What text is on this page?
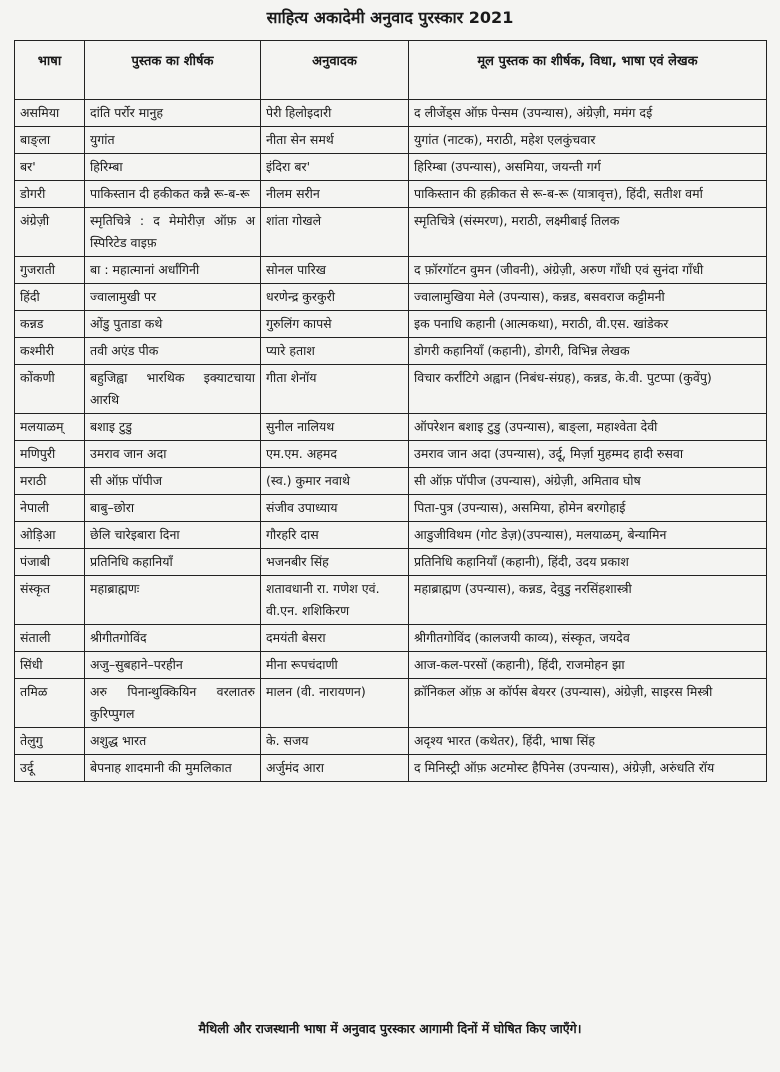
साहित्य अकादेमी अनुवाद पुरस्कार 2021
भाषा	पुस्तक का शीर्षक	अनुवादक	मूल पुस्तक का शीर्षक, विधा, भाषा एवं लेखक
असमिया	दांति पर्रोर मानुह	पेरी हिलोइदारी	द लीजेंड्स ऑफ़ पेन्सम (उपन्यास), अंग्रेज़ी, ममंग दई
बाङ्ला	युगांत	नीता सेन समर्थ	युगांत (नाटक), मराठी, महेश एलकुंचवार
बर'	हिरिम्बा	इंदिरा बर'	हिरिम्बा (उपन्यास), असमिया, जयन्ती गर्ग
डोगरी	पाकिस्तान दी हकीकत कन्नै रू-ब-रू	नीलम सरीन	पाकिस्तान की हक़ीकत से रू-ब-रू (यात्रावृत्त), हिंदी, सतीश वर्मा
अंग्रेज़ी	स्मृतिचित्रे : द मेमोरीज़ ऑफ़ अ स्पिरिटेड वाइफ़	शांता गोखले	स्मृतिचित्रे (संस्मरण), मराठी, लक्ष्मीबाई तिलक
गुजराती	बा : महात्मानां अर्धांगिनी	सोनल पारिख	द फ़ॉरगॉटन वुमन (जीवनी), अंग्रेज़ी, अरुण गाँधी एवं सुनंदा गाँधी
हिंदी	ज्वालामुखी पर	धरणेन्द्र कुरकुरी	ज्वालामुखिया मेले (उपन्यास), कन्नड, बसवराज कट्टीमनी
कन्नड	ओंडु पुताडा कथे	गुरुलिंग कापसे	इक पनाधि कहानी (आत्मकथा), मराठी, वी.एस. खांडेकर
कश्मीरी	तवी अएंड पीक	प्यारे हताश	डोगरी कहानियाँ (कहानी), डोगरी, विभिन्न लेखक
कोंकणी	बहुजिह्वा भारथिक इक्याटचाया आरथि	गीता शेनॉय	विचार कर्रांटिगे अह्वान (निबंध-संग्रह), कन्नड, के.वी. पुटप्पा (कुवेंपु)
मलयाळम्	बशाइ टुडु	सुनील नालियथ	ऑपरेशन बशाइ टुडु (उपन्यास), बाङ्ला, महाश्वेता देवी
मणिपुरी	उमराव जान अदा	एम.एम. अहमद	उमराव जान अदा (उपन्यास), उर्दू, मिर्ज़ा मुहम्मद हादी रुसवा
मराठी	सी ऑफ़ पॉपीज	(स्व.) कुमार नवाथे	सी ऑफ़ पॉपीज (उपन्यास), अंग्रेज़ी, अमिताव घोष
नेपाली	बाबु–छोरा	संजीव उपाध्याय	पिता-पुत्र (उपन्यास), असमिया, होमेन बरगोहाई
ओड़िआ	छेलि चारेइबारा दिना	गौरहरि दास	आडुजीविथम (गोट डेज़)(उपन्यास), मलयाळम्, बेन्यामिन
पंजाबी	प्रतिनिधि कहानियाँ	भजनबीर सिंह	प्रतिनिधि कहानियाँ (कहानी), हिंदी, उदय प्रकाश
संस्कृत	महाब्राह्मणः	शतावधानी रा. गणेश एवं. वी.एन. शशिकिरण	महाब्राह्मण (उपन्यास), कन्नड, देवुडु नरसिंहशास्त्री
संताली	श्रीगीतगोविंद	दमयंती बेसरा	श्रीगीतगोविंद (कालजयी काव्य), संस्कृत, जयदेव
सिंधी	अजु–सुबहाने–परहीन	मीना रूपचंदाणी	आज-कल-परसों (कहानी), हिंदी, राजमोहन झा
तमिळ	अरु पिनान्थुक्कियिन वरलातरु कुरिप्पुगल	मालन (वी. नारायणन)	क्रॉनिकल ऑफ़ अ कॉर्पस बेयरर (उपन्यास), अंग्रेज़ी, साइरस मिस्त्री
तेलुगु	अशुद्ध भारत	के. सजय	अदृश्य भारत (कथेतर), हिंदी, भाषा सिंह
उर्दू	बेपनाह शादमानी की मुमलिकात	अर्जुमंद आरा	द मिनिस्ट्री ऑफ़ अटमोस्ट हैपिनेस (उपन्यास), अंग्रेज़ी, अरुंधति रॉय
मैथिली और राजस्थानी भाषा में अनुवाद पुरस्कार आगामी दिनों में घोषित किए जाएँगे।
